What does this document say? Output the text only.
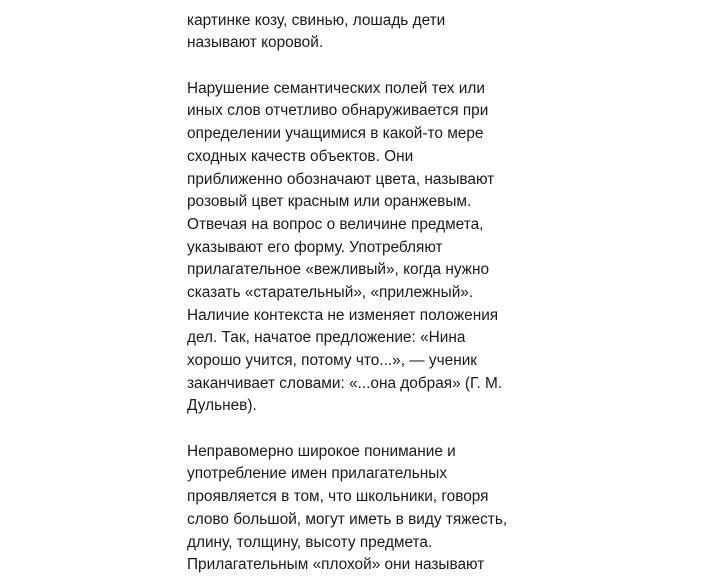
картинке козу, свинью, лошадь дети
называют коровой.

Нарушение семантических полей тех или
иных слов отчетливо обнаруживается при
определении учащимися в какой-то мере
сходных качеств объектов. Они
приближенно обозначают цвета, называют
розовый цвет красным или оранжевым.
Отвечая на вопрос о величине предмета,
указывают его форму. Употребляют
прилагательное «вежливый», когда нужно
сказать «старательный», «прилежный».
Наличие контекста не изменяет положения
дел. Так, начатое предложение: «Нина
хорошо учится, потому что...», — ученик
заканчивает словами: «...она добрая» (Г. М.
Дульнев).

Неправомерно широкое понимание и
употребление имен прилагательных
проявляется в том, что школьники, говоря
слово большой, могут иметь в виду тяжесть,
длину, толщину, высоту предмета.
Прилагательным «плохой» они называют
